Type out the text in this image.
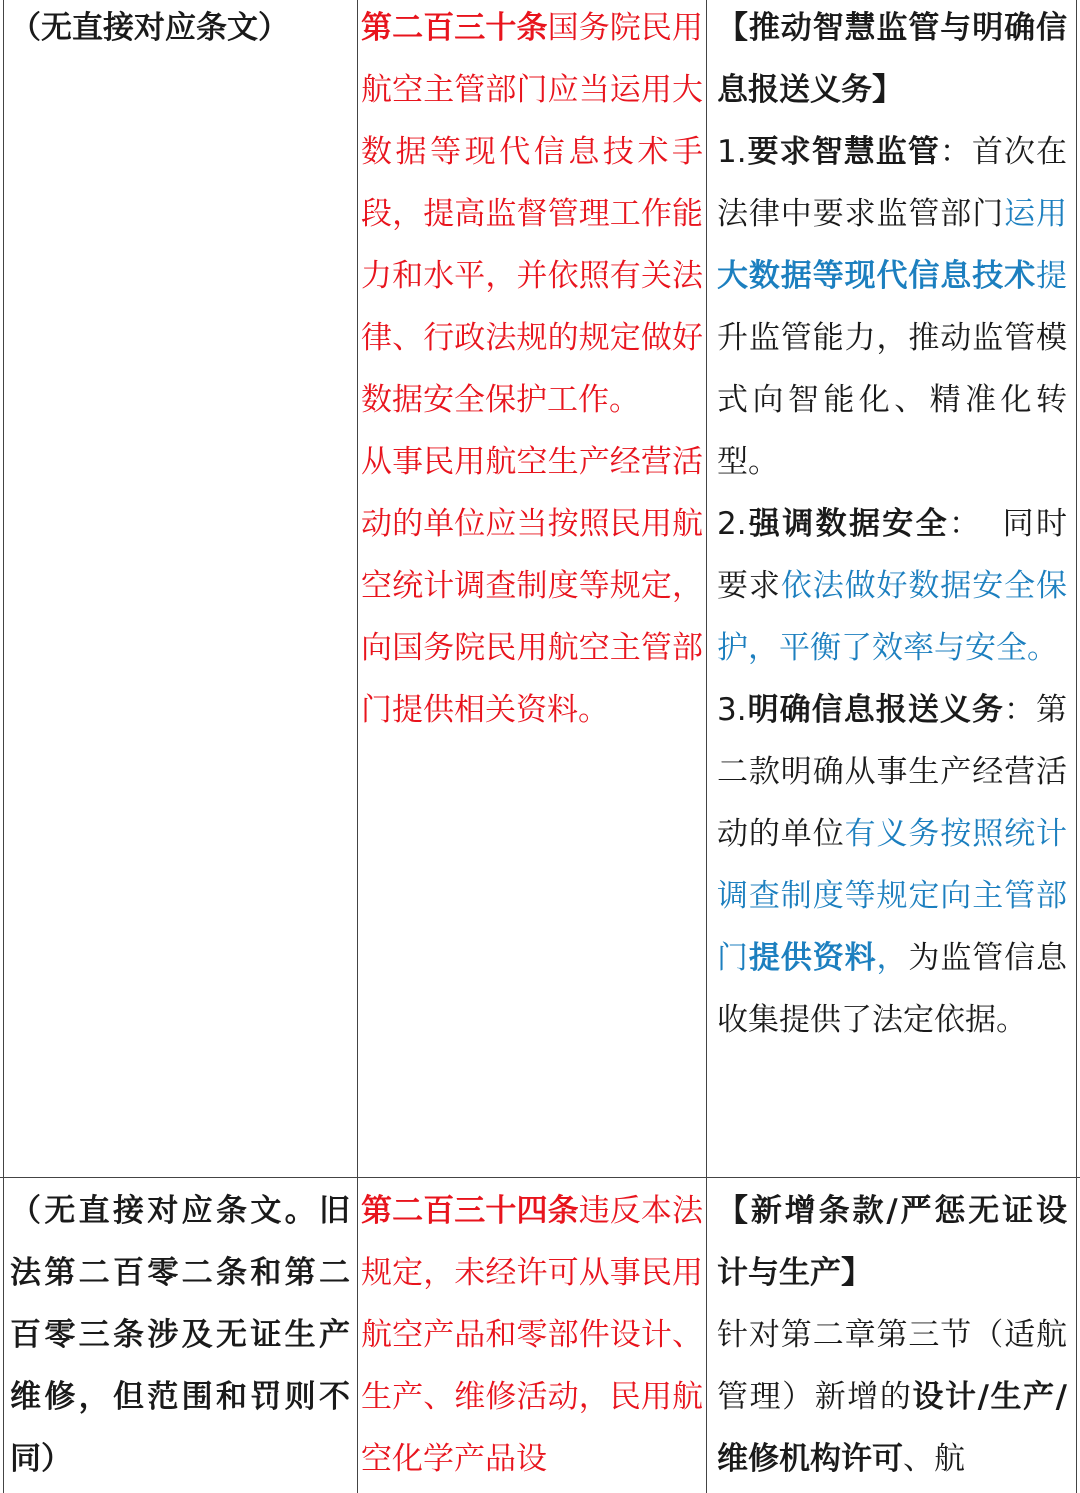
（无直接对应条文）	第二百三十条国务院民用航空主管部门应当运用大数据等现代信息技术手段，提高监督管理工作能力和水平，并依照有关法律、行政法规的规定做好数据安全保护工作。

从事民用航空生产经营活动的单位应当按照民用航空统计调查制度等规定，向国务院民用航空主管部门提供相关资料。

【推动智慧监管与明确信息报送义务】

1.要求智慧监管：首次在法律中要求监管部门运用大数据等现代信息技术提升监管能力，推动监管模式向智能化、精准化转型。

2.强调数据安全： 同时要求依法做好数据安全保护，平衡了效率与安全。

3.明确信息报送义务：第二款明确从事生产经营活动的单位有义务按照统计调查制度等规定向主管部门提供资料，为监管信息收集提供了法定依据。

（无直接对应条文。旧法第二百零二条和第二百零三条涉及无证生产维修，但范围和罚则不同）

第二百三十四条违反本法规定，未经许可从事民用航空产品和零部件设计、生产、维修活动，民用航空化学产品设

【新增条款/严惩无证设计与生产】

针对第二章第三节（适航管理）新增的设计/生产/维修机构许可、航
